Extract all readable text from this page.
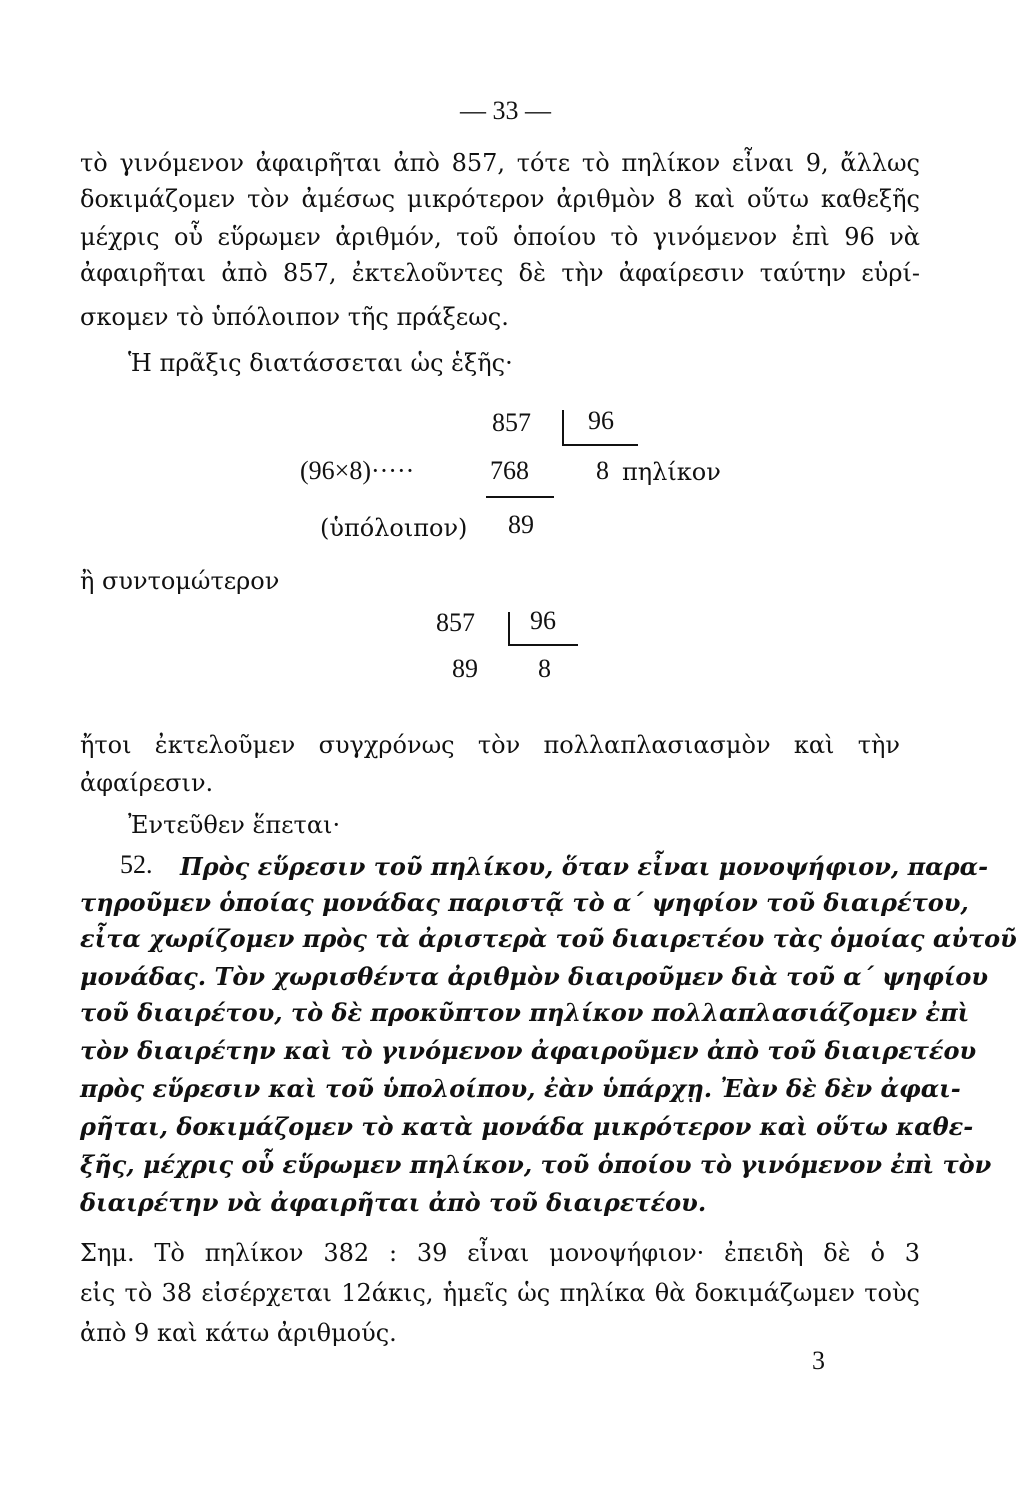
— 33 —
τὸ γινόμενον ἀφαιρῆται ἀπὸ 857, τότε τὸ πηλίκον εἶναι 9, ἄλλως
δοκιμάζομεν τὸν ἀμέσως μικρότερον ἀριθμὸν 8 καὶ οὕτω καθεξῆς
μέχρις οὗ εὕρωμεν ἀριθμόν, τοῦ ὁποίου τὸ γινόμενον ἐπὶ 96 νὰ
ἀφαιρῆται ἀπὸ 857, ἐκτελοῦντες δὲ τὴν ἀφαίρεσιν ταύτην εὑρί-
σκομεν τὸ ὑπόλοιπον τῆς πράξεως.
Ἡ πρᾶξις διατάσσεται ὡς ἑξῆς·
857 96
(96×8)·····	768	8 πηλίκον
(ὑπόλοιπον) 89
ἢ συντομώτερον
857 96
89 8
ἤτοι ἐκτελοῦμεν συγχρόνως τὸν πολλαπλασιασμὸν καὶ τὴν
ἀφαίρεσιν.
Ἐντεῦθεν ἕπεται·
52. Πρὸς εὕρεσιν τοῦ πηλίκου, ὅταν εἶναι μονοψήφιον, παρα-
τηροῦμεν ὁποίας μονάδας παριστᾷ τὸ α΄ ψηφίον τοῦ διαιρέτου,
εἶτα χωρίζομεν πρὸς τὰ ἀριστερὰ τοῦ διαιρετέου τὰς ὁμοίας αὐτοῦ
μονάδας. Τὸν χωρισθέντα ἀριθμὸν διαιροῦμεν διὰ τοῦ α΄ ψηφίου
τοῦ διαιρέτου, τὸ δὲ προκῦπτον πηλίκον πολλαπλασιάζομεν ἐπὶ
τὸν διαιρέτην καὶ τὸ γινόμενον ἀφαιροῦμεν ἀπὸ τοῦ διαιρετέου
πρὸς εὕρεσιν καὶ τοῦ ὑπολοίπου, ἐὰν ὑπάρχῃ. Ἐὰν δὲ δὲν ἀφαι-
ρῆται, δοκιμάζομεν τὸ κατὰ μονάδα μικρότερον καὶ οὕτω καθε-
ξῆς, μέχρις οὗ εὕρωμεν πηλίκον, τοῦ ὁποίου τὸ γινόμενον ἐπὶ τὸν
διαιρέτην νὰ ἀφαιρῆται ἀπὸ τοῦ διαιρετέου.
Σημ. Τὸ πηλίκον 382 : 39 εἶναι μονοψήφιον· ἐπειδὴ δὲ ὁ 3
εἰς τὸ 38 εἰσέρχεται 12άκις, ἡμεῖς ὡς πηλίκα θὰ δοκιμάζωμεν τοὺς
ἀπὸ 9 καὶ κάτω ἀριθμούς.
3
